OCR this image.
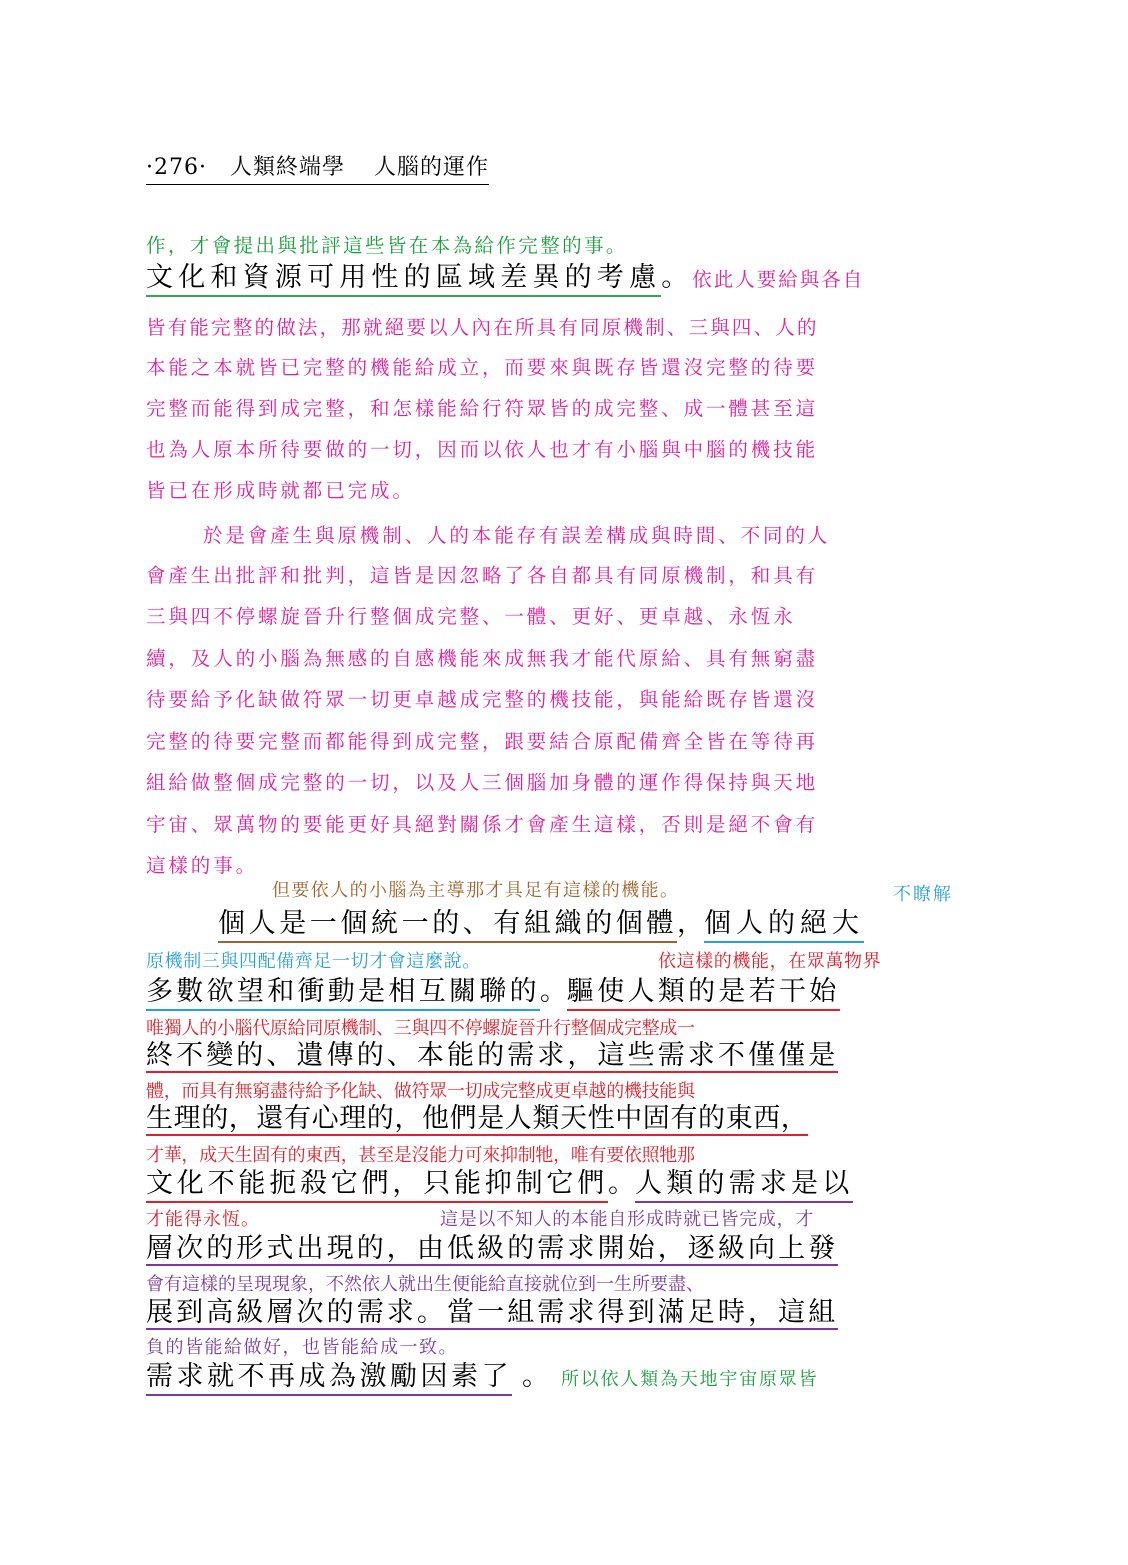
·276· 人類終端學 人腦的運作
作，才會提出與批評這些皆在本為給作完整的事。
文化和資源可用性的區域差異的考慮。 依此人要給與各自
皆有能完整的做法，那就絕要以人內在所具有同原機制、三與四、人的
本能之本就皆已完整的機能給成立，而要來與既存皆還沒完整的待要
完整而能得到成完整，和怎樣能給行符眾皆的成完整、成一體甚至這
也為人原本所待要做的一切，因而以依人也才有小腦與中腦的機技能
皆已在形成時就都已完成。
於是會產生與原機制、人的本能存有誤差構成與時間、不同的人
會產生出批評和批判，這皆是因忽略了各自都具有同原機制，和具有
三與四不停螺旋晉升行整個成完整、一體、更好、更卓越、永恆永
續，及人的小腦為無感的自感機能來成無我才能代原給、具有無窮盡
待要給予化缺做符眾一切更卓越成完整的機技能，與能給既存皆還沒
完整的待要完整而都能得到成完整，跟要結合原配備齊全皆在等待再
組給做整個成完整的一切，以及人三個腦加身體的運作得保持與天地
宇宙、眾萬物的要能更好具絕對關係才會產生這樣，否則是絕不會有
這樣的事。
但要依人的小腦為主導那才具足有這樣的機能。	不瞭解
個人是一個統一的、有組織的個體，個人的絕大
原機制三與四配備齊足一切才會這麼說。	依這樣的機能，在眾萬物界
多數欲望和衝動是相互關聯的。驅使人類的是若干始
唯獨人的小腦代原給同原機制、三與四不停螺旋晉升行整個成完整成一
終不變的、遺傳的、本能的需求，這些需求不僅僅是
體，而具有無窮盡待給予化缺、做符眾一切成完整成更卓越的機技能與
生理的，還有心理的，他們是人類天性中固有的東西，
才華，成天生固有的東西，甚至是沒能力可來抑制牠，唯有要依照牠那
文化不能扼殺它們，只能抑制它們。人類的需求是以
才能得永恆。	這是以不知人的本能自形成時就已皆完成，才
層次的形式出現的，由低級的需求開始，逐級向上發
會有這樣的呈現現象，不然依人就出生便能給直接就位到一生所要盡、
展到高級層次的需求。當一組需求得到滿足時，這組
負的皆能給做好，也皆能給成一致。
需求就不再成為激勵因素了 。 所以依人類為天地宇宙原眾皆
